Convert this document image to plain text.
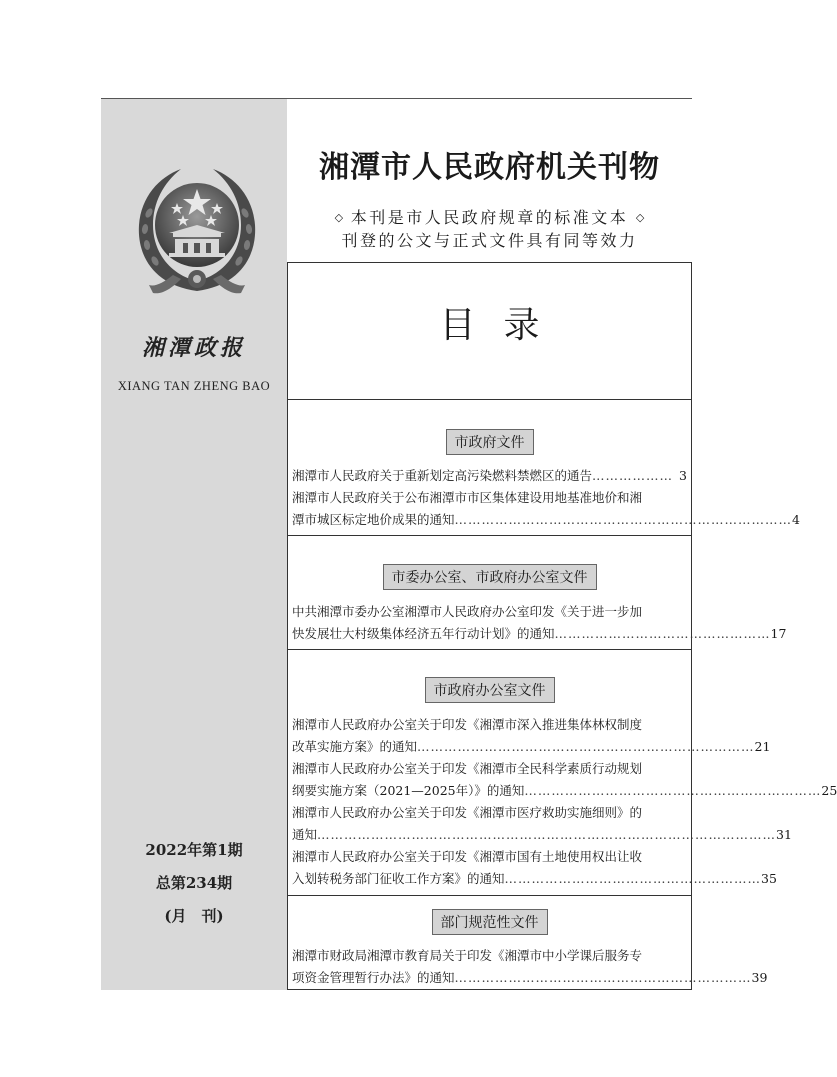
湘潭政报
XIANG TAN ZHENG BAO
2022年第1期
总第234期
(月　刊)
湘潭市人民政府机关刊物
◇ 本刊是市人民政府规章的标准文本 ◇
刊登的公文与正式文件具有同等效力
目录
市政府文件
湘潭市人民政府关于重新划定高污染燃料禁燃区的通告 ……………… 3
湘潭市人民政府关于公布湘潭市市区集体建设用地基准地价和湘
潭市城区标定地价成果的通知 ………………………………………………………………… 4
市委办公室、市政府办公室文件
中共湘潭市委办公室湘潭市人民政府办公室印发《关于进一步加
快发展壮大村级集体经济五年行动计划》的通知 ………………………………………… 17
市政府办公室文件
湘潭市人民政府办公室关于印发《湘潭市深入推进集体林权制度
改革实施方案》的通知 ………………………………………………………………… 21
湘潭市人民政府办公室关于印发《湘潭市全民科学素质行动规划
纲要实施方案（2021—2025年）》的通知 ………………………………………………………… 25
湘潭市人民政府办公室关于印发《湘潭市医疗救助实施细则》的
通知 ………………………………………………………………………………………… 31
湘潭市人民政府办公室关于印发《湘潭市国有土地使用权出让收
入划转税务部门征收工作方案》的通知 ………………………………………………… 35
部门规范性文件
湘潭市财政局湘潭市教育局关于印发《湘潭市中小学课后服务专
项资金管理暂行办法》的通知 ………………………………………………………… 39
